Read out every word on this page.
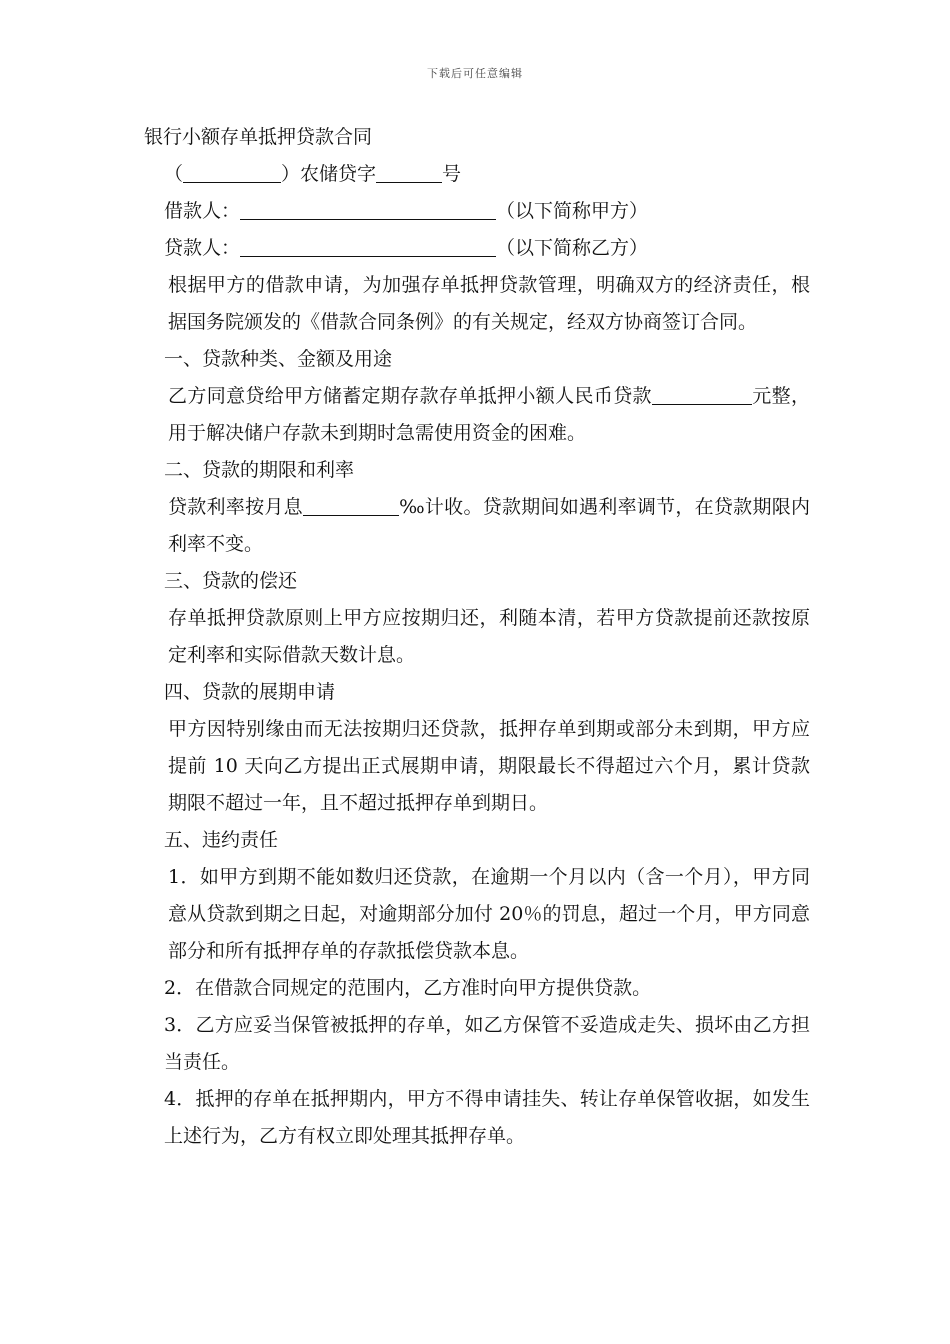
下载后可任意编辑
银行小额存单抵押贷款合同
（	）农储贷字	号
借款人：	（以下简称甲方）
贷款人：	（以下简称乙方）
根据甲方的借款申请，为加强存单抵押贷款管理，明确双方的经济责任，根据国务院颁发的《借款合同条例》的有关规定，经双方协商签订合同。
一、贷款种类、金额及用途
乙方同意贷给甲方储蓄定期存款存单抵押小额人民币贷款	元整，用于解决储户存款未到期时急需使用资金的困难。
二、贷款的期限和利率
贷款利率按月息	‰计收。贷款期间如遇利率调节，在贷款期限内利率不变。
三、贷款的偿还
存单抵押贷款原则上甲方应按期归还，利随本清，若甲方贷款提前还款按原定利率和实际借款天数计息。
四、贷款的展期申请
甲方因特别缘由而无法按期归还贷款，抵押存单到期或部分未到期，甲方应提前 10 天向乙方提出正式展期申请，期限最长不得超过六个月，累计贷款期限不超过一年，且不超过抵押存单到期日。
五、违约责任
1．如甲方到期不能如数归还贷款，在逾期一个月以内（含一个月），甲方同意从贷款到期之日起，对逾期部分加付 20％的罚息，超过一个月，甲方同意部分和所有抵押存单的存款抵偿贷款本息。
2．在借款合同规定的范围内，乙方准时向甲方提供贷款。
3．乙方应妥当保管被抵押的存单，如乙方保管不妥造成走失、损坏由乙方担当责任。
4．抵押的存单在抵押期内，甲方不得申请挂失、转让存单保管收据，如发生上述行为，乙方有权立即处理其抵押存单。
